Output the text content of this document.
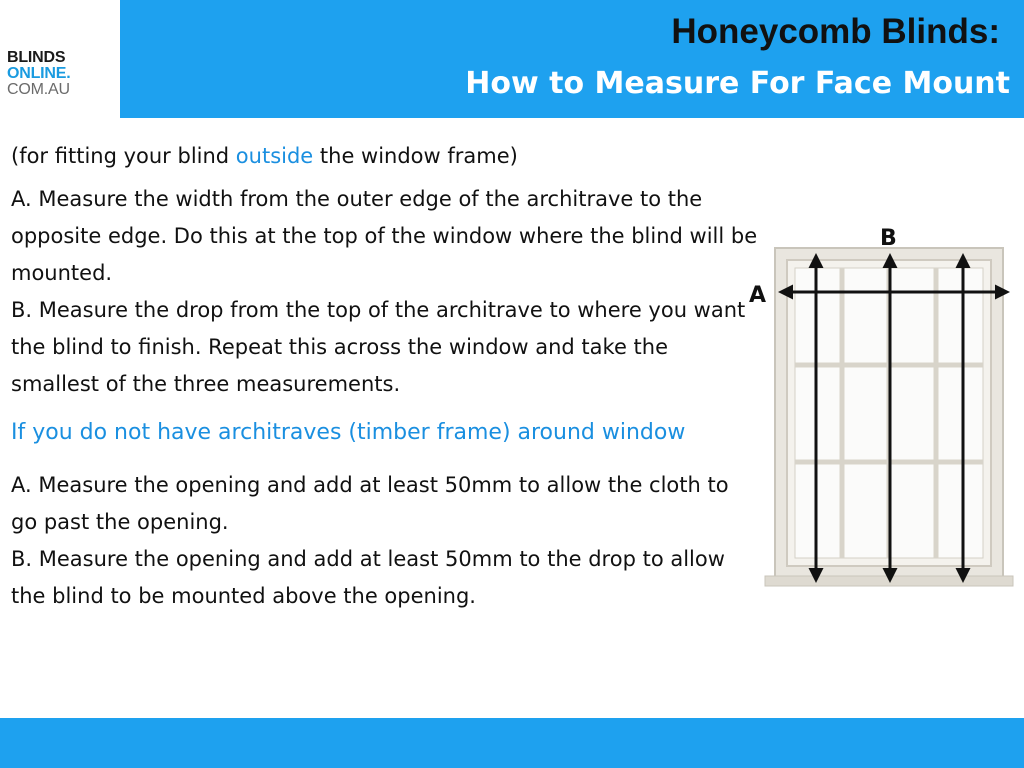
BLINDS
ONLINE.
COM.AU
Honeycomb Blinds:
How to Measure For Face Mount

(for fitting your blind outside the window frame)

A. Measure the width from the outer edge of the architrave to the opposite edge. Do this at the top of the window where the blind will be mounted.

B. Measure the drop from the top of the architrave to where you want the blind to finish. Repeat this across the window and take the smallest of the three measurements.

If you do not have architraves (timber frame) around window

A. Measure the opening and add at least 50mm to allow the cloth to go past the opening.

B. Measure the opening and add at least 50mm to the drop to allow the blind to be mounted above the opening.

A
B
